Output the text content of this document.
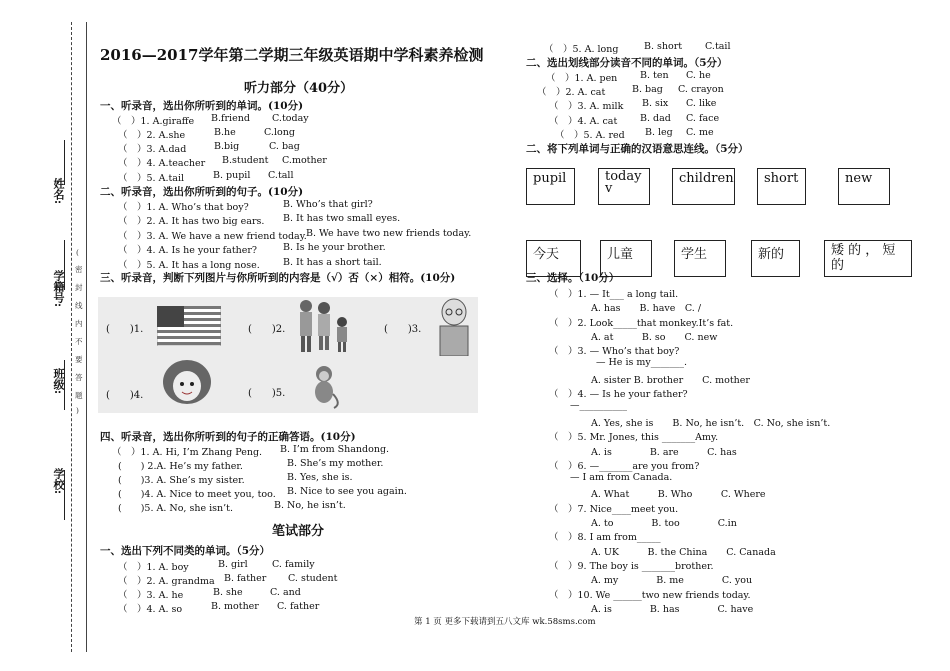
学校:
班级:
学籍号:
姓名:
(
密
封
线
内
不
要
答
题
)
2016—2017学年第二学期三年级英语期中学科素养检测
听力部分（40分）
一、听录音，选出你所听到的单词。(10分)
（　）1. A.giraffe B.friend C.today
（　）2. A.she	B.he	C.long
（　）3. A.dad	B.big	C. bag
（　）4. A.teacher B.student C.mother
（　）5. A.tail	B. pupil C.tall
二、听录音，选出你所听到的句子。(10分)
（　）1. A. Who’s that boy?	B. Who’s that girl?
（　）2. A. It has two big ears. B. It has two small eyes.
（　）3. A. We have a new friend today. B. We have two new friends today.
（　）4. A. Is he your father?	B. Is he your brother.
（　）5. A. It has a long nose. B. It has a short tail.
三、听录音，判断下列图片与你所听到的内容是（√）否（×）相符。(10分)
(　　)1.	(　　)2.	(　　)3.
(　　)4.	(　　)5.
四、听录音，选出你所听到的句子的正确答语。(10分)
（　）1. A. Hi, I’m Zhang Peng. B. I’m from Shandong.
(　　) 2.A. He’s my father.	B. She’s my mother.
(　　)3. A. She’s my sister.	B. Yes, she is.
(　　)4. A. Nice to meet you, too. B. Nice to see you again.
(　　)5. A. No, she isn’t.	B. No, he isn’t.
笔试部分
一、选出下列不同类的单词。（5分）
（　）1. A. boy	B. girl	C. family
（　）2. A. grandma B. father C. student
（　）3. A. he	B. she	C. and
（　）4. A. so	B. mother C. father
（　）5. A. long	B. short C.tail
二、选出划线部分读音不同的单词。（5分）
（　）1. A. pen B. ten C. he
（　）2. A. cat	B. bag C. crayon
（　）3. A. milk B. six C. like
（　）4. A. cat B. dad C. face
（　）5. A. red B. leg C. me
二、将下列单词与正确的汉语意思连线。（5分）
pupil	today
v
children	short	new
今天	儿童	学生	新的	矮 的 ， 短的
三、选择。（10分）
（　）1. — It___ a long tail.
A. has　　B. have　C. /
（　）2. Look_____that monkey.It’s fat.
A. at　　　B. so　　C. new
（　）3. — Who’s that boy?
— He is my_______.
A. sister B. brother　　C. mother
（　）4. — Is he your father?
—__________
A. Yes, she is　　B. No, he isn’t.　C. No, she isn’t.
（　）5. Mr. Jones, this _______Amy.
A. is　　　　B. are　　　C. has
（　）6. —_______are you from?
— I am from Canada.
A. What　　　B. Who　　　C. Where
（　）7. Nice____meet you.
A. to　　　　B. too　　　　C.in
（　）8. I am from_____
A. UK　　　B. the China　　C. Canada
（　）9. The boy is _______brother.
A. my　　　　B. me　　　　C. you
（　）10. We ______two new friends today.
A. is　　　　B. has　　　　C. have
第 1 页 更多下载请到五八文库 wk.58sms.com
